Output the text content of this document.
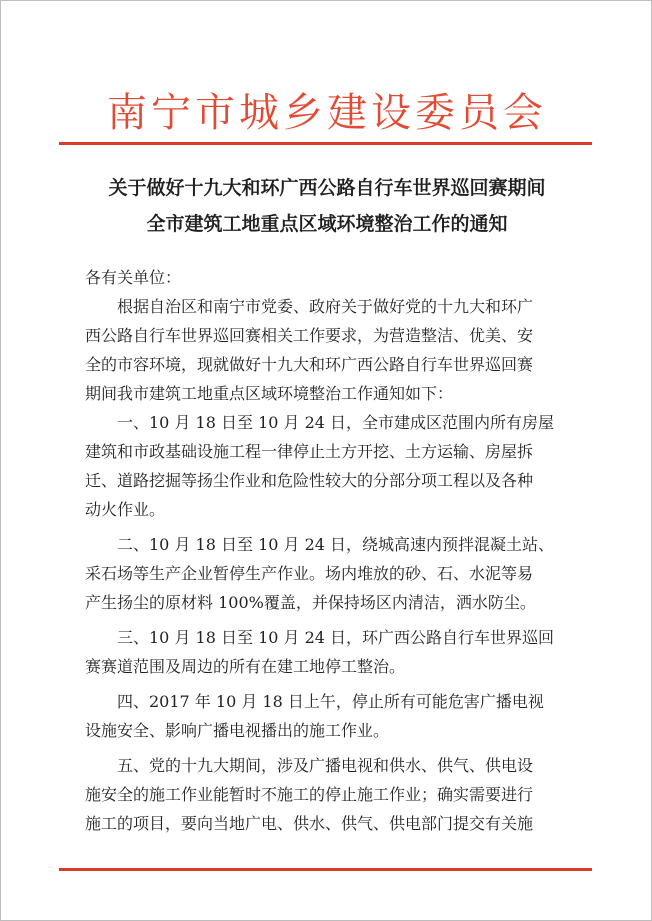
南宁市城乡建设委员会
关于做好十九大和环广西公路自行车世界巡回赛期间
全市建筑工地重点区域环境整治工作的通知
各有关单位：
根据自治区和南宁市党委、政府关于做好党的十九大和环广
西公路自行车世界巡回赛相关工作要求，为营造整洁、优美、安
全的市容环境，现就做好十九大和环广西公路自行车世界巡回赛
期间我市建筑工地重点区域环境整治工作通知如下：
一、10 月 18 日至 10 月 24 日，全市建成区范围内所有房屋
建筑和市政基础设施工程一律停止土方开挖、土方运输、房屋拆
迁、道路挖掘等扬尘作业和危险性较大的分部分项工程以及各种
动火作业。
二、10 月 18 日至 10 月 24 日，绕城高速内预拌混凝土站、
采石场等生产企业暂停生产作业。场内堆放的砂、石、水泥等易
产生扬尘的原材料 100%覆盖，并保持场区内清洁，洒水防尘。
三、10 月 18 日至 10 月 24 日，环广西公路自行车世界巡回
赛赛道范围及周边的所有在建工地停工整治。
四、2017 年 10 月 18 日上午，停止所有可能危害广播电视
设施安全、影响广播电视播出的施工作业。
五、党的十九大期间，涉及广播电视和供水、供气、供电设
施安全的施工作业能暂时不施工的停止施工作业；确实需要进行
施工的项目，要向当地广电、供水、供气、供电部门提交有关施
